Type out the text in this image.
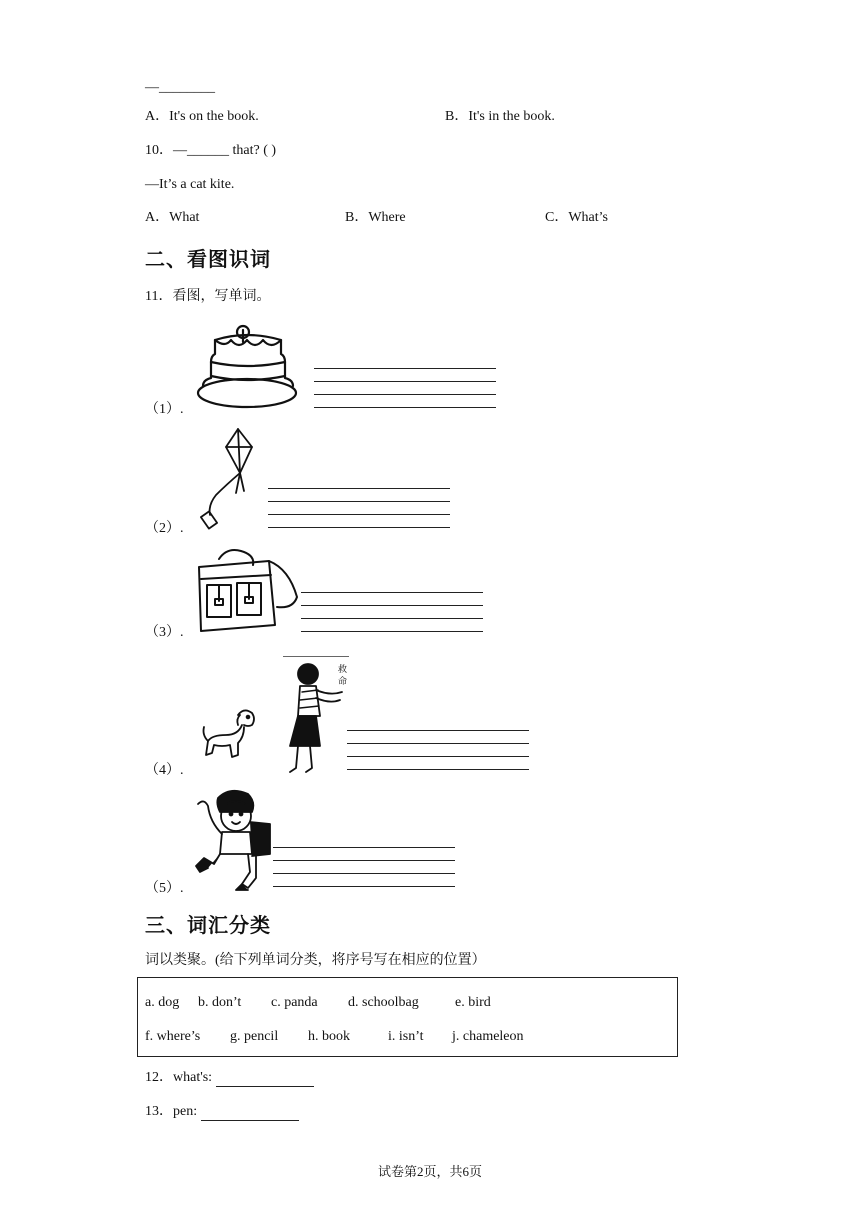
—________
A．It's on the book.	B．It's in the book.
10．—______ that? ( )
—It’s a cat kite.
A．What	B．Where	C．What’s
二、看图识词
11．看图，写单词。
（1）.
（2）.
（3）.
（4）.
救
命
（5）.
三、词汇分类
词以类聚。(给下列单词分类，将序号写在相应的位置）
a. dog b. don’t c. panda d. schoolbag	e. bird
f. where’s g. pencil h. book	i. isn’t j. chameleon
12．what's:
13．pen:
试卷第2页，共6页
